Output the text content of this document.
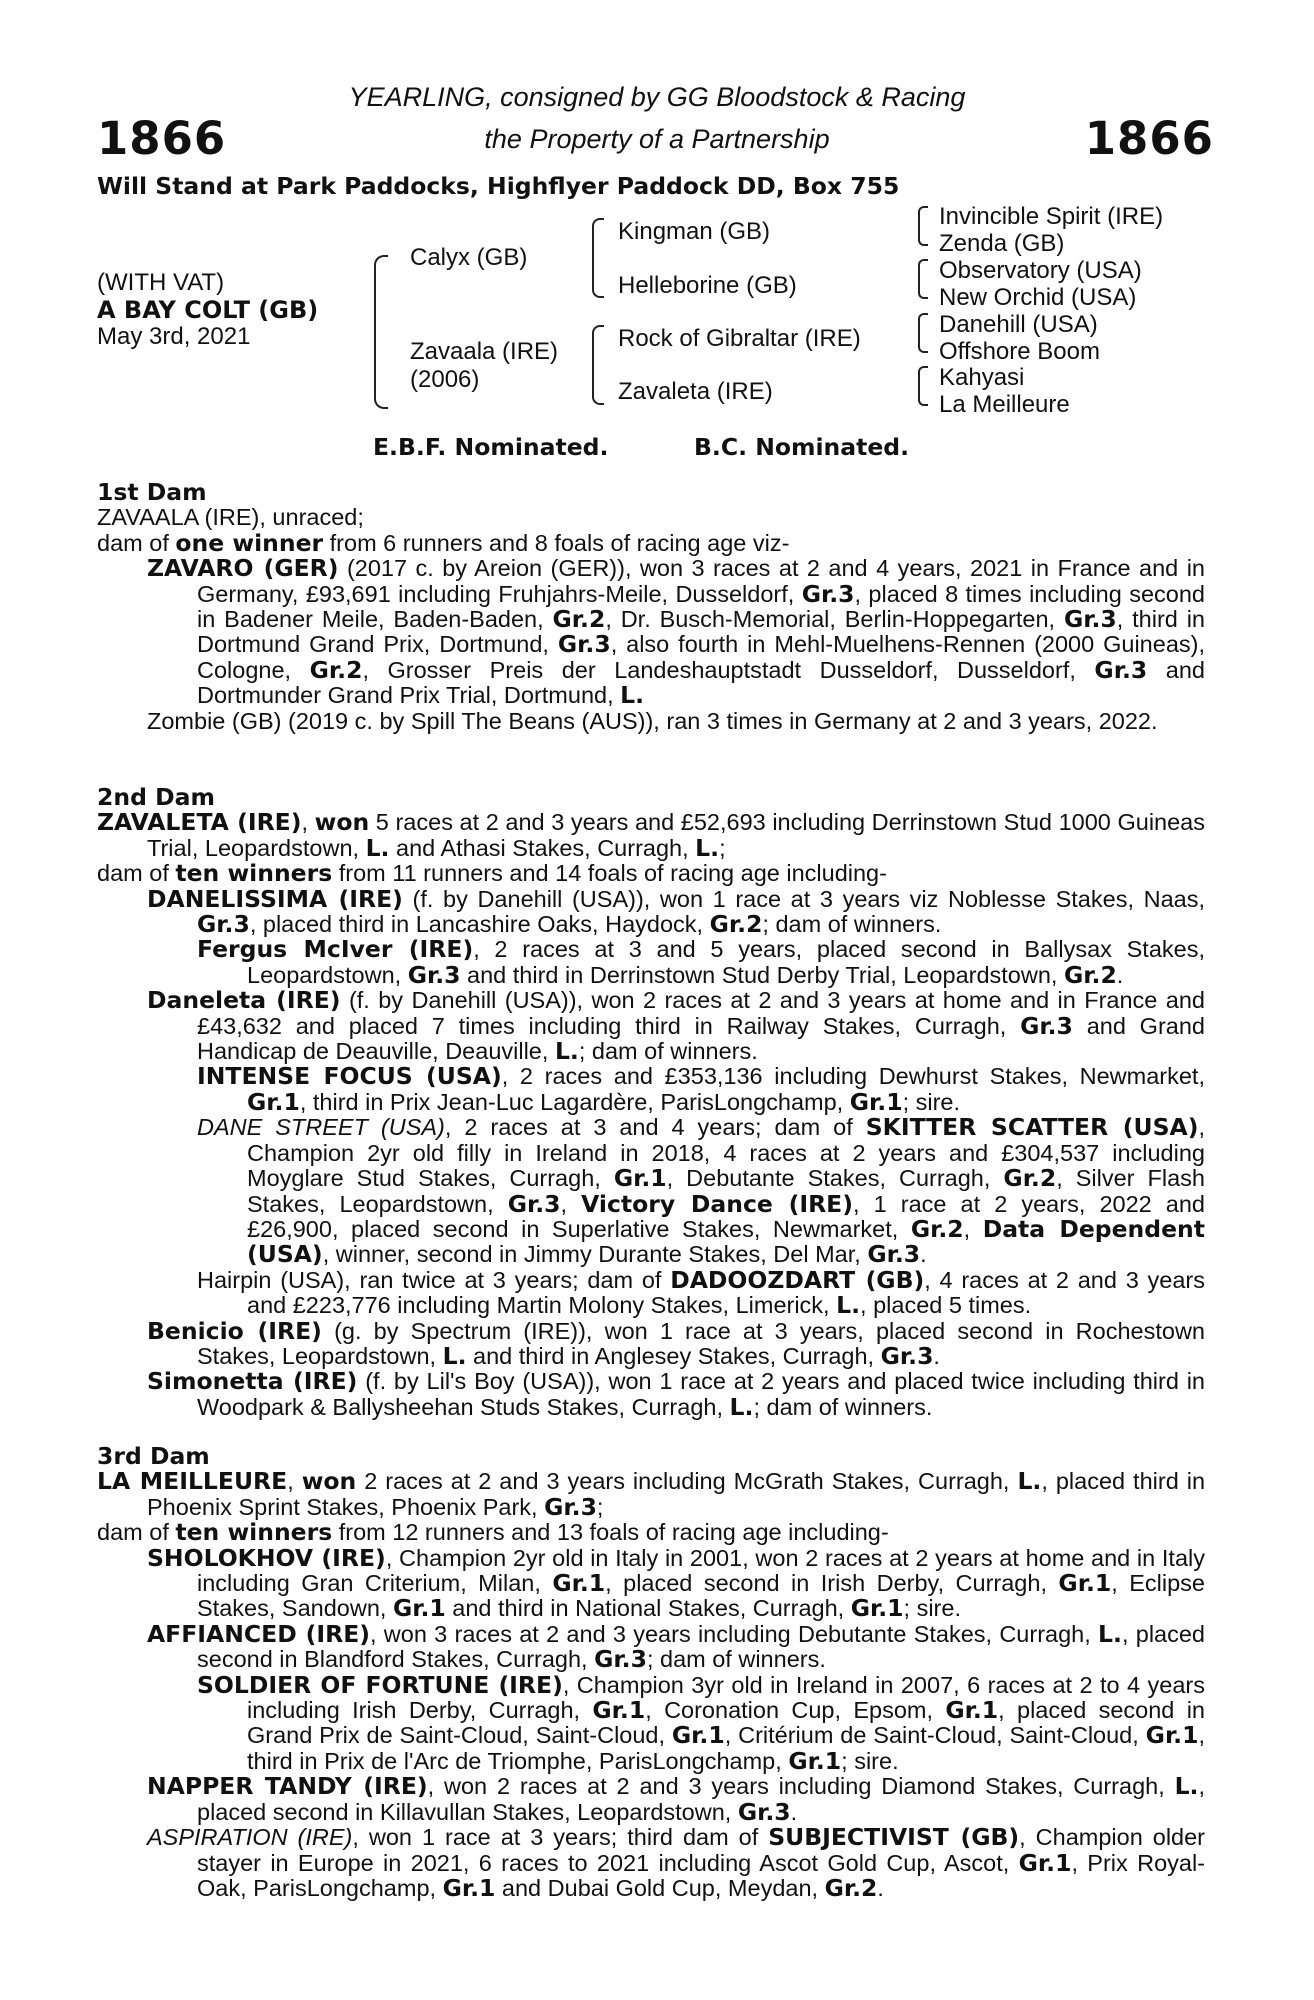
1866	1866
YEARLING, consigned by GG Bloodstock & Racing
the Property of a Partnership
Will Stand at Park Paddocks, Highflyer Paddock DD, Box 755
(WITH VAT)
A BAY COLT (GB)
May 3rd, 2021
Calyx (GB)
Zavaala (IRE)
(2006)
Kingman (GB)
Helleborine (GB)
Rock of Gibraltar (IRE)
Zavaleta (IRE)
Invincible Spirit (IRE)
Zenda (GB)
Observatory (USA)
New Orchid (USA)
Danehill (USA)
Offshore Boom
Kahyasi
La Meilleure
E.B.F. Nominated.	B.C. Nominated.
1st Dam
ZAVAALA (IRE), unraced;
dam of one winner from 6 runners and 8 foals of racing age viz-
ZAVARO (GER) (2017 c. by Areion (GER)), won 3 races at 2 and 4 years, 2021 in France and in Germany, £93,691 including Fruhjahrs-Meile, Dusseldorf, Gr.3, placed 8 times including second in Badener Meile, Baden-Baden, Gr.2, Dr. Busch-Memorial, Berlin-Hoppegarten, Gr.3, third in Dortmund Grand Prix, Dortmund, Gr.3, also fourth in Mehl-Muelhens-Rennen (2000 Guineas), Cologne, Gr.2, Grosser Preis der Landeshauptstadt Dusseldorf, Dusseldorf, Gr.3 and Dortmunder Grand Prix Trial, Dortmund, L.
Zombie (GB) (2019 c. by Spill The Beans (AUS)), ran 3 times in Germany at 2 and 3 years, 2022.
2nd Dam
ZAVALETA (IRE), won 5 races at 2 and 3 years and £52,693 including Derrinstown Stud 1000 Guineas Trial, Leopardstown, L. and Athasi Stakes, Curragh, L.;
dam of ten winners from 11 runners and 14 foals of racing age including-
DANELISSIMA (IRE) (f. by Danehill (USA)), won 1 race at 3 years viz Noblesse Stakes, Naas, Gr.3, placed third in Lancashire Oaks, Haydock, Gr.2; dam of winners.
Fergus McIver (IRE), 2 races at 3 and 5 years, placed second in Ballysax Stakes, Leopardstown, Gr.3 and third in Derrinstown Stud Derby Trial, Leopardstown, Gr.2.
Daneleta (IRE) (f. by Danehill (USA)), won 2 races at 2 and 3 years at home and in France and £43,632 and placed 7 times including third in Railway Stakes, Curragh, Gr.3 and Grand Handicap de Deauville, Deauville, L.; dam of winners.
INTENSE FOCUS (USA), 2 races and £353,136 including Dewhurst Stakes, Newmarket, Gr.1, third in Prix Jean-Luc Lagardère, ParisLongchamp, Gr.1; sire.
DANE STREET (USA), 2 races at 3 and 4 years; dam of SKITTER SCATTER (USA), Champion 2yr old filly in Ireland in 2018, 4 races at 2 years and £304,537 including Moyglare Stud Stakes, Curragh, Gr.1, Debutante Stakes, Curragh, Gr.2, Silver Flash Stakes, Leopardstown, Gr.3, Victory Dance (IRE), 1 race at 2 years, 2022 and £26,900, placed second in Superlative Stakes, Newmarket, Gr.2, Data Dependent (USA), winner, second in Jimmy Durante Stakes, Del Mar, Gr.3.
Hairpin (USA), ran twice at 3 years; dam of DADOOZDART (GB), 4 races at 2 and 3 years and £223,776 including Martin Molony Stakes, Limerick, L., placed 5 times.
Benicio (IRE) (g. by Spectrum (IRE)), won 1 race at 3 years, placed second in Rochestown Stakes, Leopardstown, L. and third in Anglesey Stakes, Curragh, Gr.3.
Simonetta (IRE) (f. by Lil's Boy (USA)), won 1 race at 2 years and placed twice including third in Woodpark & Ballysheehan Studs Stakes, Curragh, L.; dam of winners.
3rd Dam
LA MEILLEURE, won 2 races at 2 and 3 years including McGrath Stakes, Curragh, L., placed third in Phoenix Sprint Stakes, Phoenix Park, Gr.3;
dam of ten winners from 12 runners and 13 foals of racing age including-
SHOLOKHOV (IRE), Champion 2yr old in Italy in 2001, won 2 races at 2 years at home and in Italy including Gran Criterium, Milan, Gr.1, placed second in Irish Derby, Curragh, Gr.1, Eclipse Stakes, Sandown, Gr.1 and third in National Stakes, Curragh, Gr.1; sire.
AFFIANCED (IRE), won 3 races at 2 and 3 years including Debutante Stakes, Curragh, L., placed second in Blandford Stakes, Curragh, Gr.3; dam of winners.
SOLDIER OF FORTUNE (IRE), Champion 3yr old in Ireland in 2007, 6 races at 2 to 4 years including Irish Derby, Curragh, Gr.1, Coronation Cup, Epsom, Gr.1, placed second in Grand Prix de Saint-Cloud, Saint-Cloud, Gr.1, Critérium de Saint-Cloud, Saint-Cloud, Gr.1, third in Prix de l'Arc de Triomphe, ParisLongchamp, Gr.1; sire.
NAPPER TANDY (IRE), won 2 races at 2 and 3 years including Diamond Stakes, Curragh, L., placed second in Killavullan Stakes, Leopardstown, Gr.3.
ASPIRATION (IRE), won 1 race at 3 years; third dam of SUBJECTIVIST (GB), Champion older stayer in Europe in 2021, 6 races to 2021 including Ascot Gold Cup, Ascot, Gr.1, Prix Royal-Oak, ParisLongchamp, Gr.1 and Dubai Gold Cup, Meydan, Gr.2.
